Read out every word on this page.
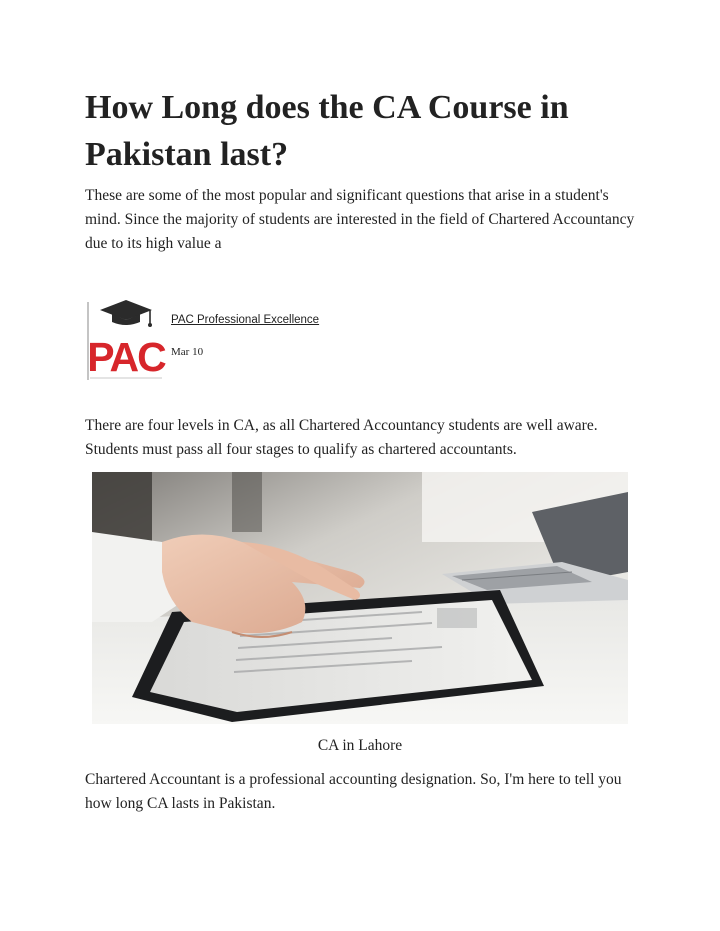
How Long does the CA Course in Pakistan last?

These are some of the most popular and significant questions that arise in a student's mind. Since the majority of students are interested in the field of Chartered Accountancy due to its high value a

PAC

PAC Professional Excellence

Mar 10

There are four levels in CA, as all Chartered Accountancy students are well aware. Students must pass all four stages to qualify as chartered accountants.

CA in Lahore

Chartered Accountant is a professional accounting designation. So, I'm here to tell you how long CA lasts in Pakistan.
